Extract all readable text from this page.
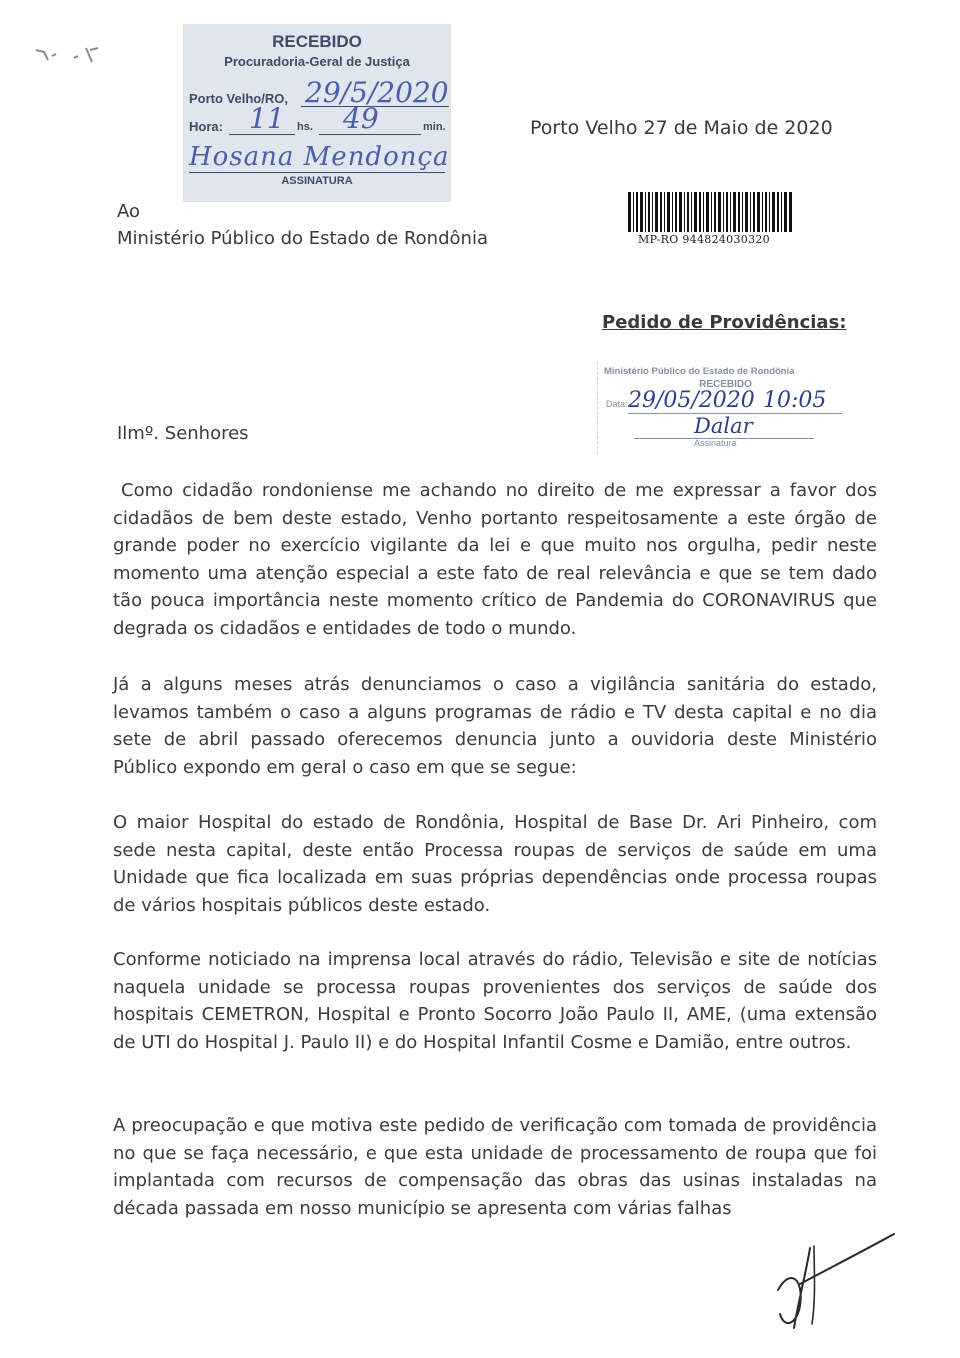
RECEBIDO
Procuradoria-Geral de Justiça
Porto Velho/RO, 29/5/2020
Hora: 11 hs. 49	min.
Hosana Mendonça
ASSINATURA
Porto Velho 27 de Maio de 2020
Ao
Ministério Público do Estado de Rondônia	MP-RO 944824030320
Pedido de Providências:
Ministério Público do Estado de Rondônia
RECEBIDO
Data: 29/05/2020 10:05
Dalar
Assinatura
Ilmº. Senhores
Como cidadão rondoniense me achando no direito de me expressar a favor dos cidadãos de bem deste estado, Venho portanto respeitosamente a este órgão de grande poder no exercício vigilante da lei e que muito nos orgulha, pedir neste momento uma atenção especial a este fato de real relevância e que se tem dado tão pouca importância neste momento crítico de Pandemia do CORONAVIRUS que degrada os cidadãos e entidades de todo o mundo.
Já a alguns meses atrás denunciamos o caso a vigilância sanitária do estado, levamos também o caso a alguns programas de rádio e TV desta capital e no dia sete de abril passado oferecemos denuncia junto a ouvidoria deste Ministério Público expondo em geral o caso em que se segue:
O maior Hospital do estado de Rondônia, Hospital de Base Dr. Ari Pinheiro, com sede nesta capital, deste então Processa roupas de serviços de saúde em uma Unidade que fica localizada em suas próprias dependências onde processa roupas de vários hospitais públicos deste estado.
Conforme noticiado na imprensa local através do rádio, Televisão e site de notícias naquela unidade se processa roupas provenientes dos serviços de saúde dos hospitais CEMETRON, Hospital e Pronto Socorro João Paulo II, AME, (uma extensão de UTI do Hospital J. Paulo II) e do Hospital Infantil Cosme e Damião, entre outros.
A preocupação e que motiva este pedido de verificação com tomada de providência no que se faça necessário, e que esta unidade de processamento de roupa que foi implantada com recursos de compensação das obras das usinas instaladas na década passada em nosso município se apresenta com várias falhas
